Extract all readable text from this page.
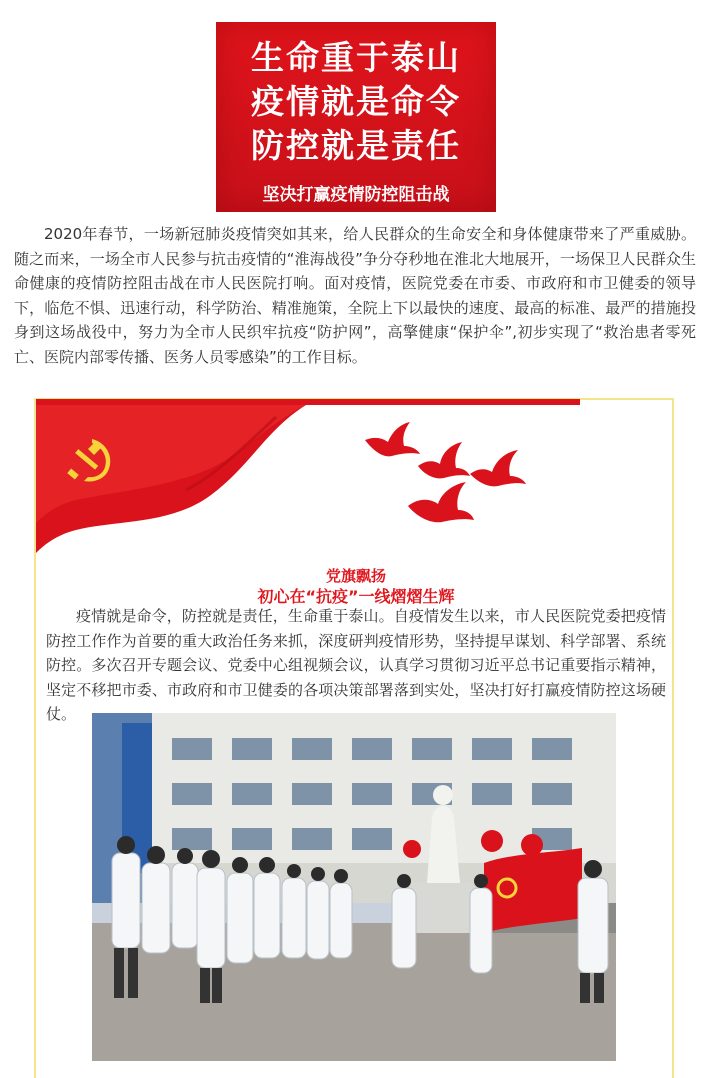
生命重于泰山
疫情就是命令
防控就是责任
坚决打赢疫情防控阻击战

2020年春节，一场新冠肺炎疫情突如其来，给人民群众的生命安全和身体健康带来了严重威胁。随之而来，一场全市人民参与抗击疫情的“淮海战役”争分夺秒地在淮北大地展开，一场保卫人民群众生命健康的疫情防控阻击战在市人民医院打响。面对疫情，医院党委在市委、市政府和市卫健委的领导下，临危不惧、迅速行动，科学防治、精准施策，全院上下以最快的速度、最高的标准、最严的措施投身到这场战役中，努力为全市人民织牢抗疫“防护网”，高擎健康“保护伞”,初步实现了“救治患者零死亡、医院内部零传播、医务人员零感染”的工作目标。

党旗飘扬
初心在“抗疫”一线熠熠生辉

疫情就是命令，防控就是责任，生命重于泰山。自疫情发生以来，市人民医院党委把疫情防控工作作为首要的重大政治任务来抓，深度研判疫情形势，坚持提早谋划、科学部署、系统防控。多次召开专题会议、党委中心组视频会议，认真学习贯彻习近平总书记重要指示精神，坚定不移把市委、市政府和市卫健委的各项决策部署落到实处，坚决打好打赢疫情防控这场硬仗。
